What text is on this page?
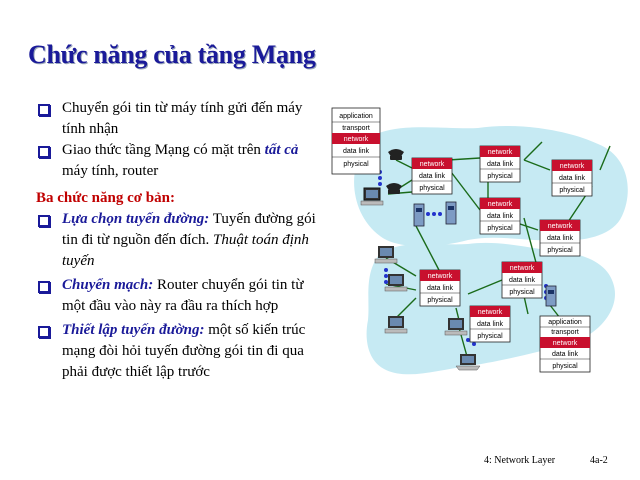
Chức năng của tầng Mạng
Chuyển gói tin từ máy tính gửi đến máy tính nhận
Giao thức tầng Mạng có mặt trên tất cả máy tính, router
Ba chức năng cơ bản:
Lựa chọn tuyến đường: Tuyến đường gói tin đi từ nguồn đến đích. Thuật toán định tuyến
Chuyển mạch: Router chuyển gói tin từ một đầu vào này ra đầu ra thích hợp
Thiết lập tuyến đường: một số kiến trúc mạng đòi hỏi tuyến đường gói tin đi qua phải được thiết lập trước
application
transport
network
data link
physical	network
data link
physical
network
data link
physical
network
data link
physical
network
data link
physical	network
data link
physical
network
data link
physical
network
data link
physical
network
data link
physical
application
transport
network
data link
physical
4: Network Layer	4a-2
